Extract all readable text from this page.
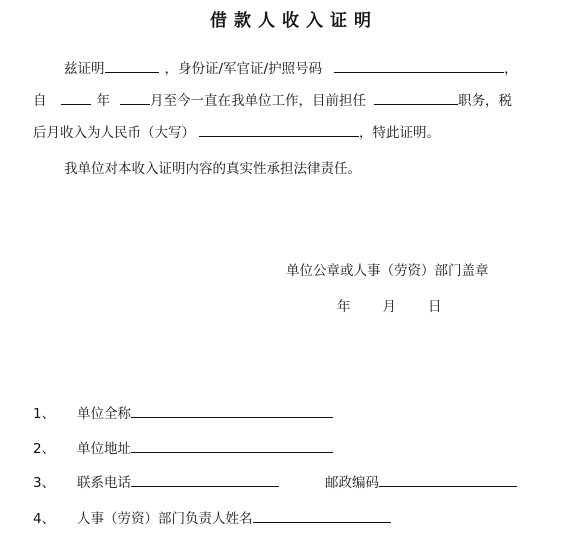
借款人收入证明
兹证明	，身份证/军官证/护照号码	，
自	年	月至今一直在我单位工作，目前担任	职务，税
后月收入为人民币（大写）	，特此证明。
我单位对本收入证明内容的真实性承担法律责任。
单位公章或人事（劳资）部门盖章
年 月 日
1、 单位全称
2、 单位地址
3、 联系电话	邮政编码
4、 人事（劳资）部门负责人姓名
